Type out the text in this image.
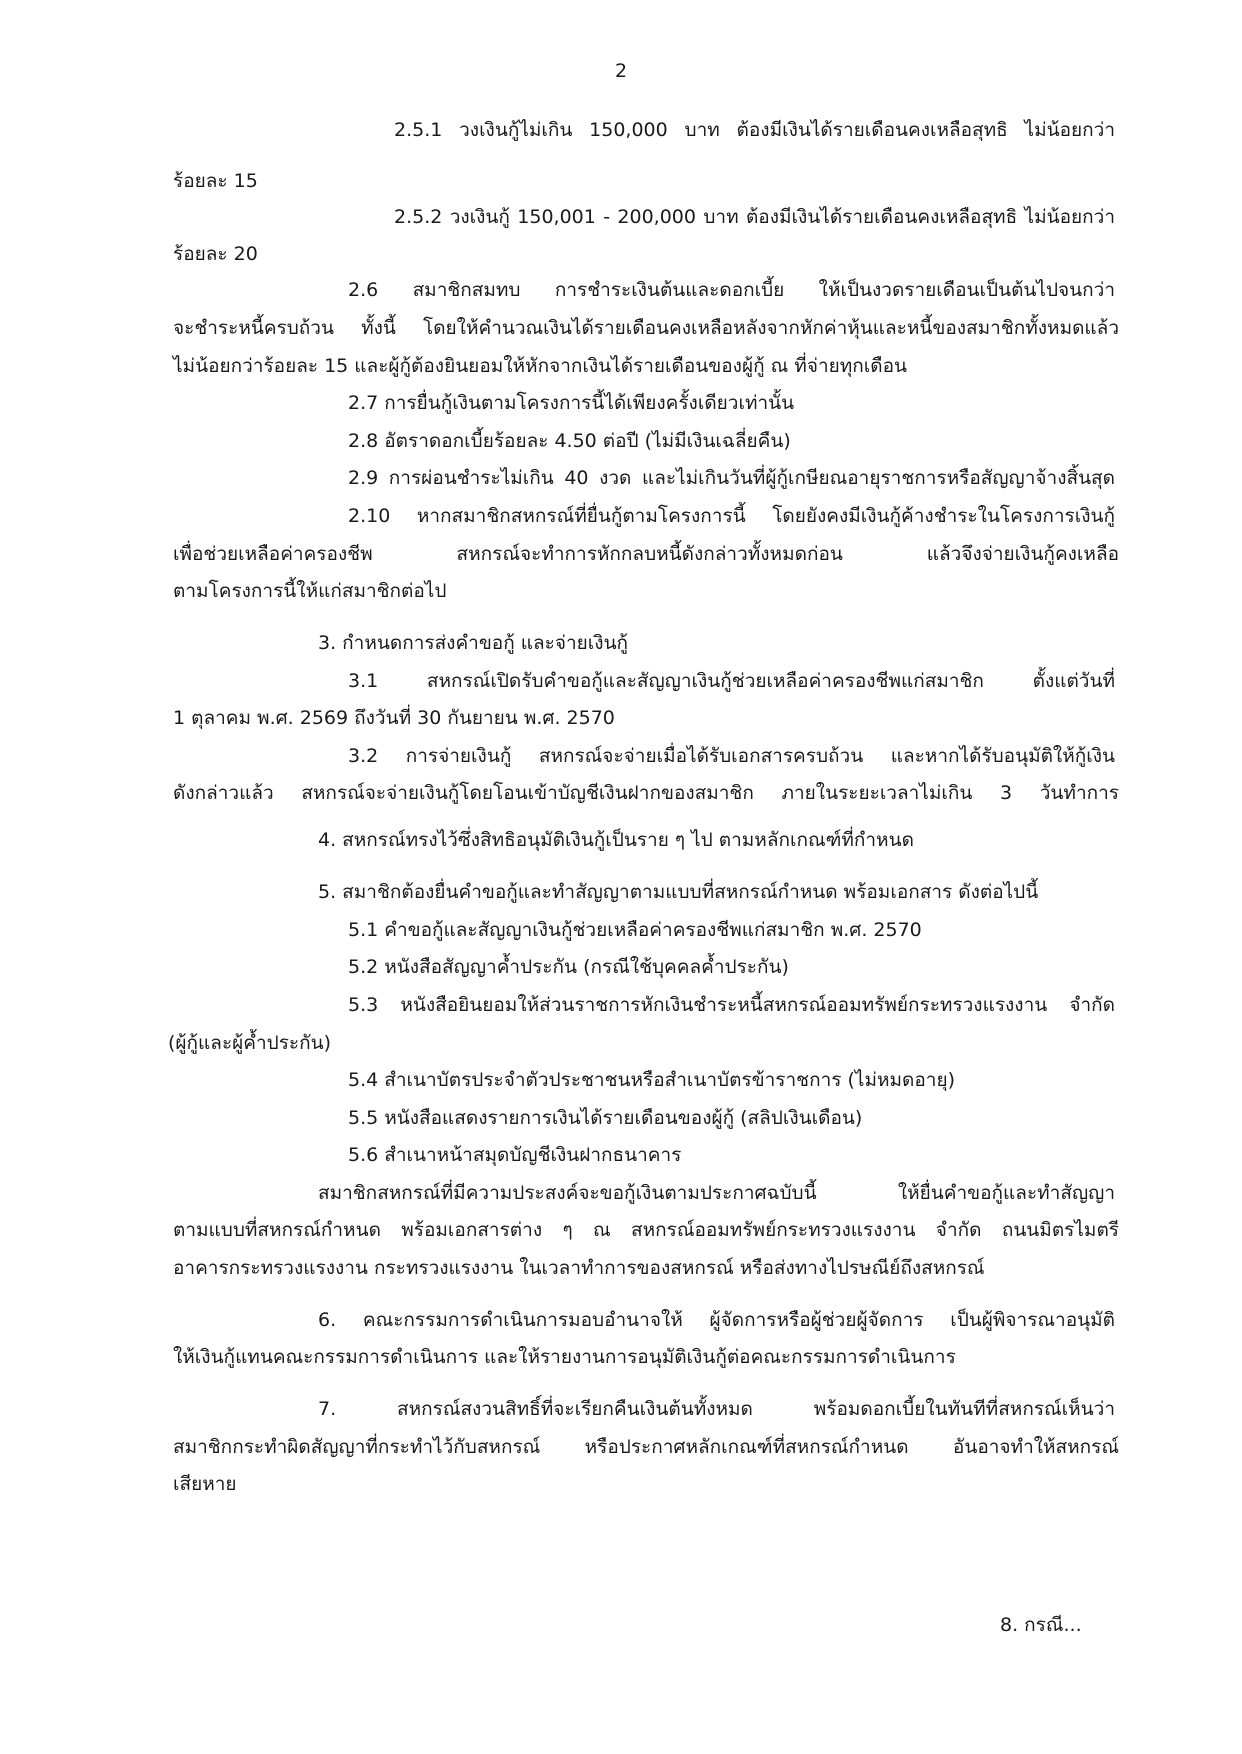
2
2.5.1 วงเงินกู้ไม่เกิน 150,000 บาท ต้องมีเงินได้รายเดือนคงเหลือสุทธิ ไม่น้อยกว่า
ร้อยละ 15
2.5.2 วงเงินกู้ 150,001 - 200,000 บาท ต้องมีเงินได้รายเดือนคงเหลือสุทธิ ไม่น้อยกว่า
ร้อยละ 20
2.6 สมาชิกสมทบ การชำระเงินต้นและดอกเบี้ย ให้เป็นงวดรายเดือนเป็นต้นไปจนกว่า
จะชำระหนี้ครบถ้วน ทั้งนี้ โดยให้คำนวณเงินได้รายเดือนคงเหลือหลังจากหักค่าหุ้นและหนี้ของสมาชิกทั้งหมดแล้ว
ไม่น้อยกว่าร้อยละ 15 และผู้กู้ต้องยินยอมให้หักจากเงินได้รายเดือนของผู้กู้ ณ ที่จ่ายทุกเดือน
2.7 การยื่นกู้เงินตามโครงการนี้ได้เพียงครั้งเดียวเท่านั้น
2.8 อัตราดอกเบี้ยร้อยละ 4.50 ต่อปี (ไม่มีเงินเฉลี่ยคืน)
2.9 การผ่อนชำระไม่เกิน 40 งวด และไม่เกินวันที่ผู้กู้เกษียณอายุราชการหรือสัญญาจ้างสิ้นสุด
2.10 หากสมาชิกสหกรณ์ที่ยื่นกู้ตามโครงการนี้ โดยยังคงมีเงินกู้ค้างชำระในโครงการเงินกู้
เพื่อช่วยเหลือค่าครองชีพ สหกรณ์จะทำการหักกลบหนี้ดังกล่าวทั้งหมดก่อน แล้วจึงจ่ายเงินกู้คงเหลือ
ตามโครงการนี้ให้แก่สมาชิกต่อไป
3. กำหนดการส่งคำขอกู้ และจ่ายเงินกู้
3.1 สหกรณ์เปิดรับคำขอกู้และสัญญาเงินกู้ช่วยเหลือค่าครองชีพแก่สมาชิก ตั้งแต่วันที่
1 ตุลาคม พ.ศ. 2569 ถึงวันที่ 30 กันยายน พ.ศ. 2570
3.2 การจ่ายเงินกู้ สหกรณ์จะจ่ายเมื่อได้รับเอกสารครบถ้วน และหากได้รับอนุมัติให้กู้เงิน
ดังกล่าวแล้ว สหกรณ์จะจ่ายเงินกู้โดยโอนเข้าบัญชีเงินฝากของสมาชิก ภายในระยะเวลาไม่เกิน 3 วันทำการ
4. สหกรณ์ทรงไว้ซึ่งสิทธิอนุมัติเงินกู้เป็นราย ๆ ไป ตามหลักเกณฑ์ที่กำหนด
5. สมาชิกต้องยื่นคำขอกู้และทำสัญญาตามแบบที่สหกรณ์กำหนด พร้อมเอกสาร ดังต่อไปนี้
5.1 คำขอกู้และสัญญาเงินกู้ช่วยเหลือค่าครองชีพแก่สมาชิก พ.ศ. 2570
5.2 หนังสือสัญญาค้ำประกัน (กรณีใช้บุคคลค้ำประกัน)
5.3 หนังสือยินยอมให้ส่วนราชการหักเงินชำระหนี้สหกรณ์ออมทรัพย์กระทรวงแรงงาน จำกัด
(ผู้กู้และผู้ค้ำประกัน)
5.4 สำเนาบัตรประจำตัวประชาชนหรือสำเนาบัตรข้าราชการ (ไม่หมดอายุ)
5.5 หนังสือแสดงรายการเงินได้รายเดือนของผู้กู้ (สลิปเงินเดือน)
5.6 สำเนาหน้าสมุดบัญชีเงินฝากธนาคาร
สมาชิกสหกรณ์ที่มีความประสงค์จะขอกู้เงินตามประกาศฉบับนี้ ให้ยื่นคำขอกู้และทำสัญญา
ตามแบบที่สหกรณ์กำหนด พร้อมเอกสารต่าง ๆ ณ สหกรณ์ออมทรัพย์กระทรวงแรงงาน จำกัด ถนนมิตรไมตรี
อาคารกระทรวงแรงงาน กระทรวงแรงงาน ในเวลาทำการของสหกรณ์ หรือส่งทางไปรษณีย์ถึงสหกรณ์
6. คณะกรรมการดำเนินการมอบอำนาจให้ ผู้จัดการหรือผู้ช่วยผู้จัดการ เป็นผู้พิจารณาอนุมัติ
ให้เงินกู้แทนคณะกรรมการดำเนินการ และให้รายงานการอนุมัติเงินกู้ต่อคณะกรรมการดำเนินการ
7. สหกรณ์สงวนสิทธิ์ที่จะเรียกคืนเงินต้นทั้งหมด พร้อมดอกเบี้ยในทันทีที่สหกรณ์เห็นว่า
สมาชิกกระทำผิดสัญญาที่กระทำไว้กับสหกรณ์ หรือประกาศหลักเกณฑ์ที่สหกรณ์กำหนด อันอาจทำให้สหกรณ์
เสียหาย
8. กรณี...
